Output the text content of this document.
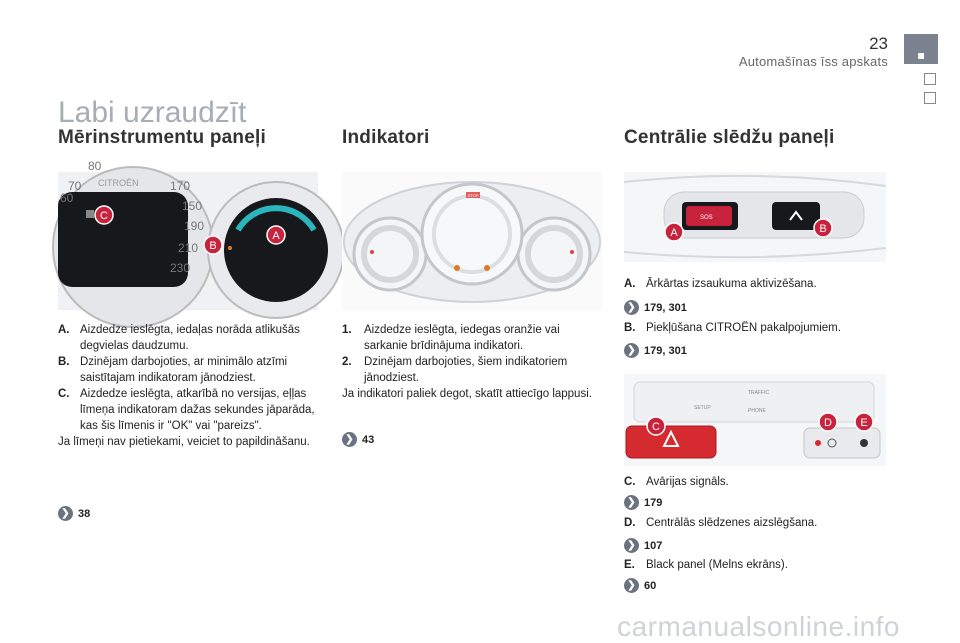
23
Automašīnas īss apskats
Labi uzraudzīt
Mērinstrumentu paneļi	Indikatori	Centrālie slēdžu paneļi
CITROËN
60
70
80
150
170
190
210
230
C
B
A
STOP
SOS
A	B
SETUP
TRAFFIC
PHONE
C	D	E
A. Aizdedze ieslēgta, iedaļas norāda atlikušās degvielas daudzumu.
B. Dzinējam darbojoties, ar minimālo atzīmi saistītajam indikatoram jānodziest.
C. Aizdedze ieslēgta, atkarībā no versijas, eļļas līmeņa indikatoram dažas sekundes jāparāda, kas šis līmenis ir "OK" vai "pareizs".
Ja līmeņi nav pietiekami, veiciet to papildināšanu.
❯ 38
1. Aizdedze ieslēgta, iedegas oranžie vai sarkanie brīdinājuma indikatori.
2. Dzinējam darbojoties, šiem indikatoriem jānodziest.
Ja indikatori paliek degot, skatīt attiecīgo lappusi.
❯ 43
A. Ārkārtas izsaukuma aktivizēšana.
❯ 179, 301
B. Piekļūšana CITROËN pakalpojumiem.
❯ 179, 301
C. Avārijas signāls.
❯ 179
D. Centrālās slēdzenes aizslēgšana.
❯ 107
E. Black panel (Melns ekrāns).
❯ 60
carmanualsonline.info
